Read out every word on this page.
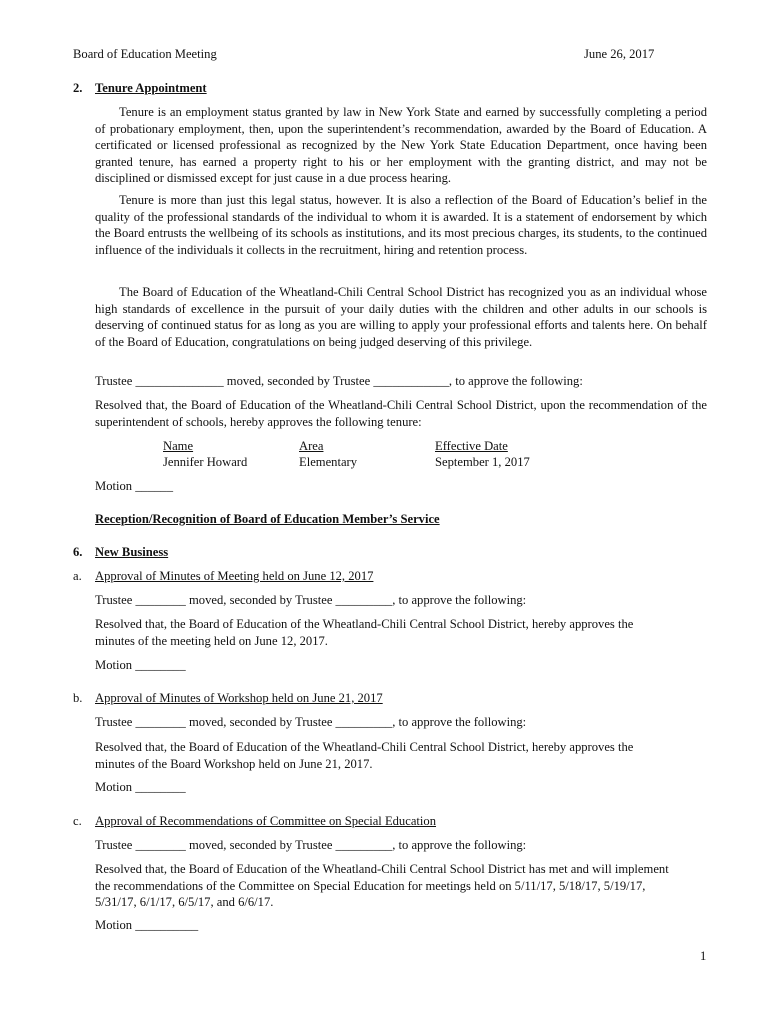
Board of Education Meeting	June 26, 2017
2. Tenure Appointment
Tenure is an employment status granted by law in New York State and earned by successfully completing a period of probationary employment, then, upon the superintendent’s recommendation, awarded by the Board of Education. A certificated or licensed professional as recognized by the New York State Education Department, once having been granted tenure, has earned a property right to his or her employment with the granting district, and may not be disciplined or dismissed except for just cause in a due process hearing.
Tenure is more than just this legal status, however. It is also a reflection of the Board of Education’s belief in the quality of the professional standards of the individual to whom it is awarded. It is a statement of endorsement by which the Board entrusts the wellbeing of its schools as institutions, and its most precious charges, its students, to the continued influence of the individuals it collects in the recruitment, hiring and retention process.
The Board of Education of the Wheatland-Chili Central School District has recognized you as an individual whose high standards of excellence in the pursuit of your daily duties with the children and other adults in our schools is deserving of continued status for as long as you are willing to apply your professional efforts and talents here. On behalf of the Board of Education, congratulations on being judged deserving of this privilege.
Trustee ______________ moved, seconded by Trustee ____________, to approve the following:
Resolved that, the Board of Education of the Wheatland-Chili Central School District, upon the recommendation of the superintendent of schools, hereby approves the following tenure:
Name	Area	Effective Date
Jennifer Howard	Elementary	September 1, 2017
Motion ______
Reception/Recognition of Board of Education Member’s Service
6. New Business
a. Approval of Minutes of Meeting held on June 12, 2017
Trustee ________ moved, seconded by Trustee _________, to approve the following:
Resolved that, the Board of Education of the Wheatland-Chili Central School District, hereby approves the minutes of the meeting held on June 12, 2017.
Motion ________
b. Approval of Minutes of Workshop held on June 21, 2017
Trustee ________ moved, seconded by Trustee _________, to approve the following:
Resolved that, the Board of Education of the Wheatland-Chili Central School District, hereby approves the minutes of the Board Workshop held on June 21, 2017.
Motion ________
c. Approval of Recommendations of Committee on Special Education
Trustee ________ moved, seconded by Trustee _________, to approve the following:
Resolved that, the Board of Education of the Wheatland-Chili Central School District has met and will implement the recommendations of the Committee on Special Education for meetings held on 5/11/17, 5/18/17, 5/19/17, 5/31/17, 6/1/17, 6/5/17, and 6/6/17.
Motion __________
1
